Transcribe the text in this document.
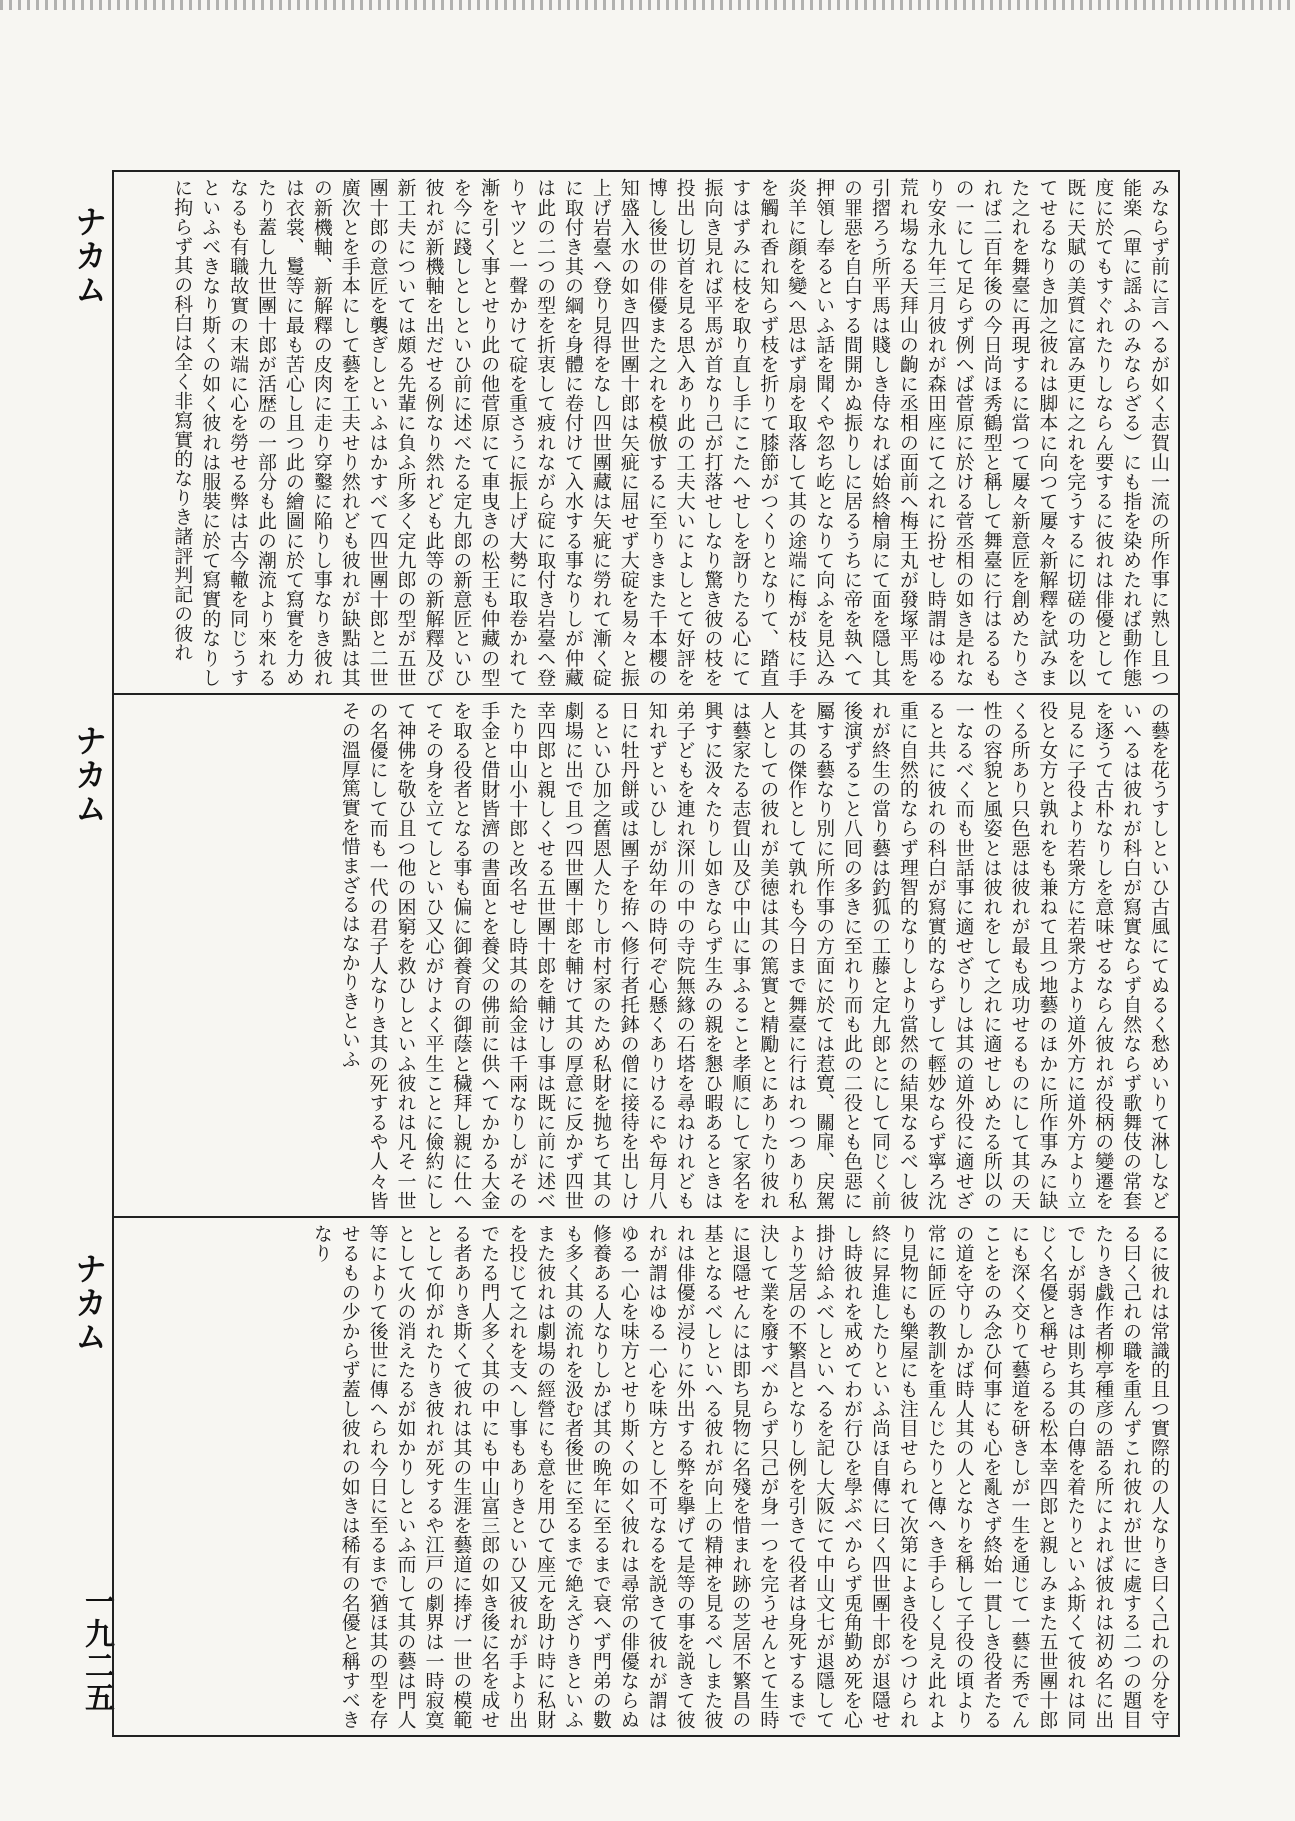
ナカム
ナカム
ナカム
一九二五

みならず前に言へるが如く志賀山一流の所作事に熟し且つ能楽（單に謡ふのみならざる）にも指を染めたれば動作態度に於てもすぐれたりしならん要するに彼れは俳優として既に天賦の美質に富み更に之れを完うするに切磋の功を以てせるなりき加之彼れは脚本に向つて屢々新解釋を試みまた之れを舞臺に再現するに當つて屢々新意匠を創めたりされば二百年後の今日尚ほ秀鶴型と稱して舞臺に行はるるもの一にして足らず例へば菅原に於ける菅丞相の如き是れなり安永九年三月彼れが森田座にて之れに扮せし時謂はゆる荒れ場なる天拜山の齣に丞相の面前へ梅王丸が發塚平馬を引摺ろう所平馬は賤しき侍なれば始終檜扇にて面を隱し其の罪惡を自白する間開かぬ振りしに居るうちに帝を執へて押領し奉るといふ話を聞くや忽ち屹となりて向ふを見込み炎羊に顔を變へ思はず扇を取落して其の途端に梅が枝に手を觸れ香れ知らず枝を折りて膝節がつくりとなりて、踏直すはずみに枝を取り直し手にこたへせしを訝りたる心にて振向き見れば平馬が首なり己が打落せしなり驚き彼の枝を投出し切首を見る思入あり此の工夫大いによしとて好評を博し後世の俳優また之れを模倣するに至りきまた千本櫻の知盛入水の如き四世團十郎は矢疵に屈せず大碇を易々と振上げ岩臺へ登り見得をなし四世團藏は矢疵に勞れて漸く碇に取付き其の綱を身體に卷付けて入水する事なりしが仲藏は此の二つの型を折衷して疲れながら碇に取付き岩臺へ登りヤツと一聲かけて碇を重さうに振上げ大勢に取卷かれて漸を引く事とせり此の他菅原にて車曳きの松王も仲藏の型を今に踐しとしといひ前に述べたる定九郎の新意匠といひ彼れが新機軸を出だせる例なり然れども此等の新解釋及び新工夫については頗る先輩に負ふ所多く定九郎の型が五世團十郎の意匠を襲ぎしといふはかすべて四世團十郎と二世廣次とを手本にして藝を工夫せり然れども彼れが缺點は其の新機軸、新解釋の皮肉に走り穿鑿に陥りし事なりき彼れは衣裳、鬘等に最も苦心し且つ此の繪圖に於て寫實を力めたり蓋し九世團十郎が活歴の一部分も此の潮流より來れるなるも有職故實の末端に心を勞せる弊は古今轍を同じうすといふべきなり斯くの如く彼れは服裝に於て寫實的なりしに拘らず其の科白は全く非寫實的なりき諸評判記の彼れ

の藝を花うすしといひ古風にてぬるく愁めいりて淋しなどいへるは彼れが科白が寫實ならず自然ならず歌舞伎の常套を逐うて古朴なりしを意味せるならん彼れが役柄の變遷を見るに子役より若衆方に若衆方より道外方に道外方より立役と女方と孰れをも兼ねて且つ地藝のほかに所作事みに缺くる所あり只色惡は彼れが最も成功せるものにして其の天性の容貌と風姿とは彼れをして之れに適せしめたる所以の一なるべく而も世話事に適せざりしは其の道外役に適せざると共に彼れの科白が寫實的ならずして輕妙ならず寧ろ沈重に自然的ならず理智的なりしより當然の結果なるべし彼れが終生の當り藝は釣狐の工藤と定九郎とにして同じく前後演ずること八囘の多きに至れり而も此の二役とも色惡に屬する藝なり別に所作事の方面に於ては惹寛、關扉、戻駕を其の傑作として孰れも今日まで舞臺に行はれつつあり私人としての彼れが美徳は其の篤實と精勵とにありたり彼れは藝家たる志賀山及び中山に事ふること孝順にして家名を興すに汲々たりし如きならず生みの親を懇ひ暇あるときは弟子どもを連れ深川の中の寺院無緣の石塔を尋ねけれども知れずといひしが幼年の時何ぞ心懸くありけるにや毎月八日に牡丹餅或は團子を拵へ修行者托鉢の僧に接待を出しけるといひ加之舊恩人たりし市村家のため私財を抛ちて其の劇場に出で且つ四世團十郎を輔けて其の厚意に反かず四世幸四郎と親しくせる五世團十郎を輔けし事は既に前に述べたり中山小十郎と改名せし時其の給金は千兩なりしがその手金と借財皆濟の書面とを養父の佛前に供へてかかる大金を取る役者となる事も偏に御養育の御蔭と穢拜し親に仕へてその身を立てしといひ又心がけよく平生ことに儉約にして神佛を敬ひ且つ他の困窮を救ひしといふ彼れは凡そ一世の名優にして而も一代の君子人なりき其の死するや人々皆その溫厚篤實を惜まざるはなかりきといふ

るに彼れは常識的且つ實際的の人なりき曰く己れの分を守る曰く己れの職を重んずこれ彼れが世に處する二つの題目たりき戯作者柳亭種彦の語る所によれば彼れは初め名に出でしが弱きは則ち其の白傳を着たりといふ斯くて彼れは同じく名優と稱せらるる松本幸四郎と親しみまた五世團十郎にも深く交りて藝道を研きしが一生を通じて一藝に秀でんことをのみ念ひ何事にも心を亂さず終始一貫しき役者たるの道を守りしかば時人其の人となりを稱して子役の頃より常に師匠の教訓を重んじたりと傳へき手らしく見え此れより見物にも樂屋にも注目せられて次第によき役をつけられ終に昇進したりといふ尚ほ自傳に曰く四世團十郎が退隱せし時彼れを戒めてわが行ひを學ぶべからず兎角勤め死を心掛け給ふべしといへるを記し大阪にて中山文七が退隱してより芝居の不繁昌となりし例を引きて役者は身死するまで決して業を廢すべからず只己が身一つを完うせんとて生時に退隱せんには即ち見物に名殘を惜まれ跡の芝居不繁昌の基となるべしといへる彼れが向上の精神を見るべしまた彼れは俳優が浸りに外出する弊を擧げて是等の事を説きて彼れが謂はゆる一心を味方とし不可なるを説きて彼れが謂はゆる一心を味方とせり斯くの如く彼れは尋常の俳優ならぬ修養ある人なりしかば其の晩年に至るまで衰へず門弟の數も多く其の流れを汲む者後世に至るまで絶えざりきといふまた彼れは劇場の經營にも意を用ひて座元を助け時に私財を投じて之れを支へし事もありきといひ又彼れが手より出でたる門人多く其の中にも中山富三郎の如き後に名を成せる者ありき斯くて彼れは其の生涯を藝道に捧げ一世の模範として仰がれたりき彼れが死するや江戸の劇界は一時寂寞として火の消えたるが如かりしといふ而して其の藝は門人等によりて後世に傳へられ今日に至るまで猶ほ其の型を存せるもの少からず蓋し彼れの如きは稀有の名優と稱すべきなり
